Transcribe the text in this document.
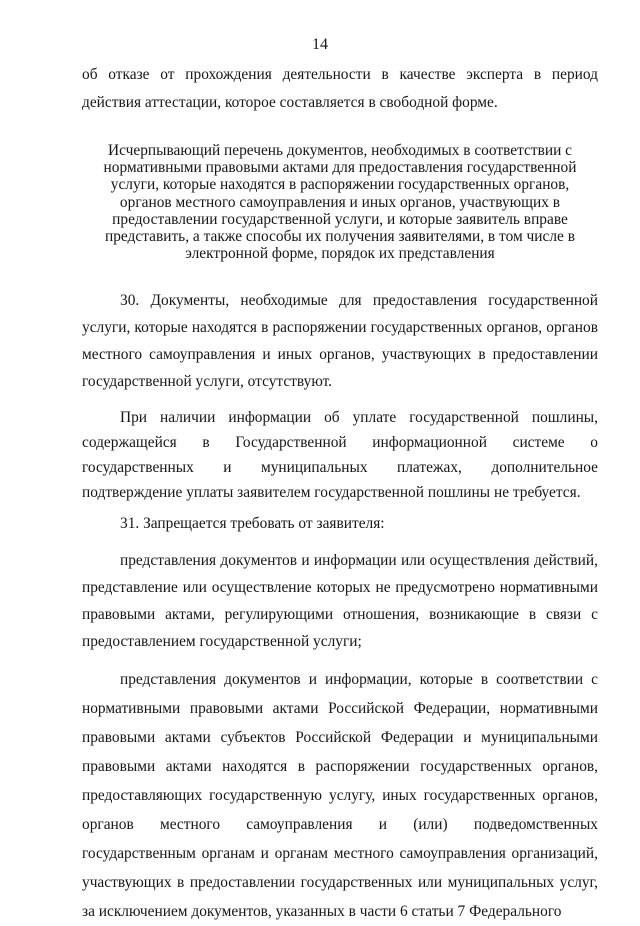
14

об отказе от прохождения деятельности в качестве эксперта в период действия аттестации, которое составляется в свободной форме.

Исчерпывающий перечень документов, необходимых в соответствии с нормативными правовыми актами для предоставления государственной услуги, которые находятся в распоряжении государственных органов, органов местного самоуправления и иных органов, участвующих в предоставлении государственной услуги, и которые заявитель вправе представить, а также способы их получения заявителями, в том числе в электронной форме, порядок их представления

30. Документы, необходимые для предоставления государственной услуги, которые находятся в распоряжении государственных органов, органов местного самоуправления и иных органов, участвующих в предоставлении государственной услуги, отсутствуют.

При наличии информации об уплате государственной пошлины, содержащейся в Государственной информационной системе о государственных и муниципальных платежах, дополнительное подтверждение уплаты заявителем государственной пошлины не требуется.

31. Запрещается требовать от заявителя:

представления документов и информации или осуществления действий, представление или осуществление которых не предусмотрено нормативными правовыми актами, регулирующими отношения, возникающие в связи с предоставлением государственной услуги;

представления документов и информации, которые в соответствии с нормативными правовыми актами Российской Федерации, нормативными правовыми актами субъектов Российской Федерации и муниципальными правовыми актами находятся в распоряжении государственных органов, предоставляющих государственную услугу, иных государственных органов, органов местного самоуправления и (или) подведомственных государственным органам и органам местного самоуправления организаций, участвующих в предоставлении государственных или муниципальных услуг, за исключением документов, указанных в части 6 статьи 7 Федерального
